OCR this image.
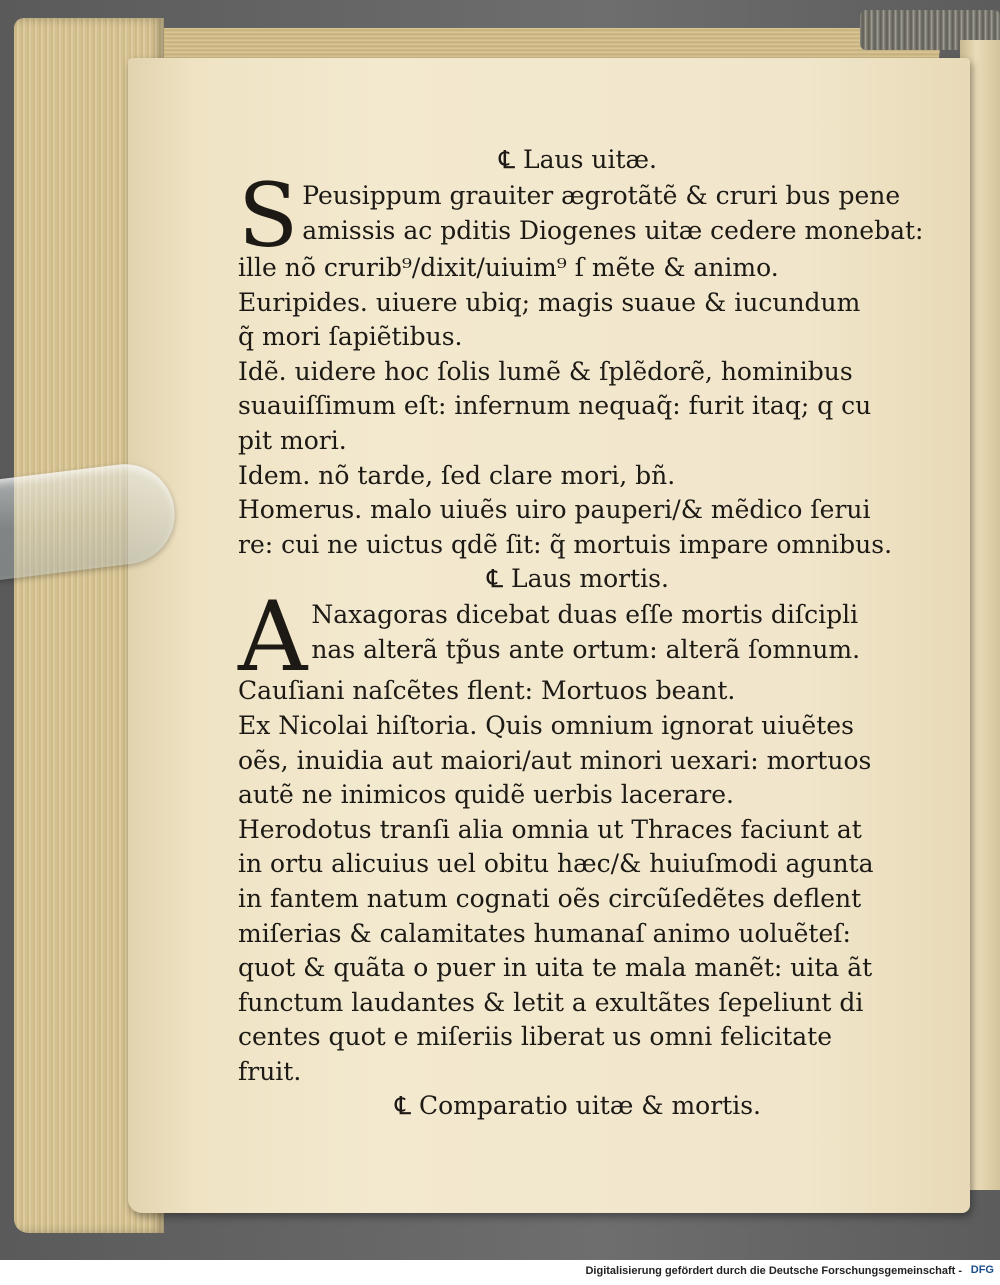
℄ Laus uitæ.
S Peusippum grauiter ægrotãtẽ & cruri bus pene
amissis ac pditis Diogenes uitæ cedere monebat:
ille nõ crurib⁹/dixit/uiuim⁹ ſ mẽte & animo.
Euripides. uiuere ubiq; magis suaue & iucundum
q̃ mori ſapiẽtibus.
Idẽ. uidere hoc ſolis lumẽ & ſplẽdorẽ, hominibus
suauiſſimum eſt: infernum nequaq̃: furit itaq; q cu
pit mori.
Idem. nõ tarde, ſed clare mori, bñ.
Homerus. malo uiuẽs uiro pauperi/& mẽdico ſerui
re: cui ne uictus qdẽ ſit: q̃ mortuis impare omnibus.
℄ Laus mortis.
A Naxagoras dicebat duas eſſe mortis diſcipli
nas alterã tp̃us ante ortum: alterã ſomnum.
Cauſiani naſcẽtes flent: Mortuos beant.
Ex Nicolai hiſtoria. Quis omnium ignorat uiuẽtes
oẽs, inuidia aut maiori/aut minori uexari: mortuos
autẽ ne inimicos quidẽ uerbis lacerare.
Herodotus tranſi alia omnia ut Thraces faciunt at
in ortu alicuius uel obitu hæc/& huiuſmodi agunta
in fantem natum cognati oẽs circũſedẽtes deflent
miſerias & calamitates humanaſ animo uoluẽteſ:
quot & quãta o puer in uita te mala manẽt: uita ãt
functum laudantes & letit a exultãtes ſepeliunt di
centes quot e miſeriis liberat us omni felicitate
fruit.
℄ Comparatio uitæ & mortis.
Digitalisierung gefördert durch die Deutsche Forschungsgemeinschaft - DFG
